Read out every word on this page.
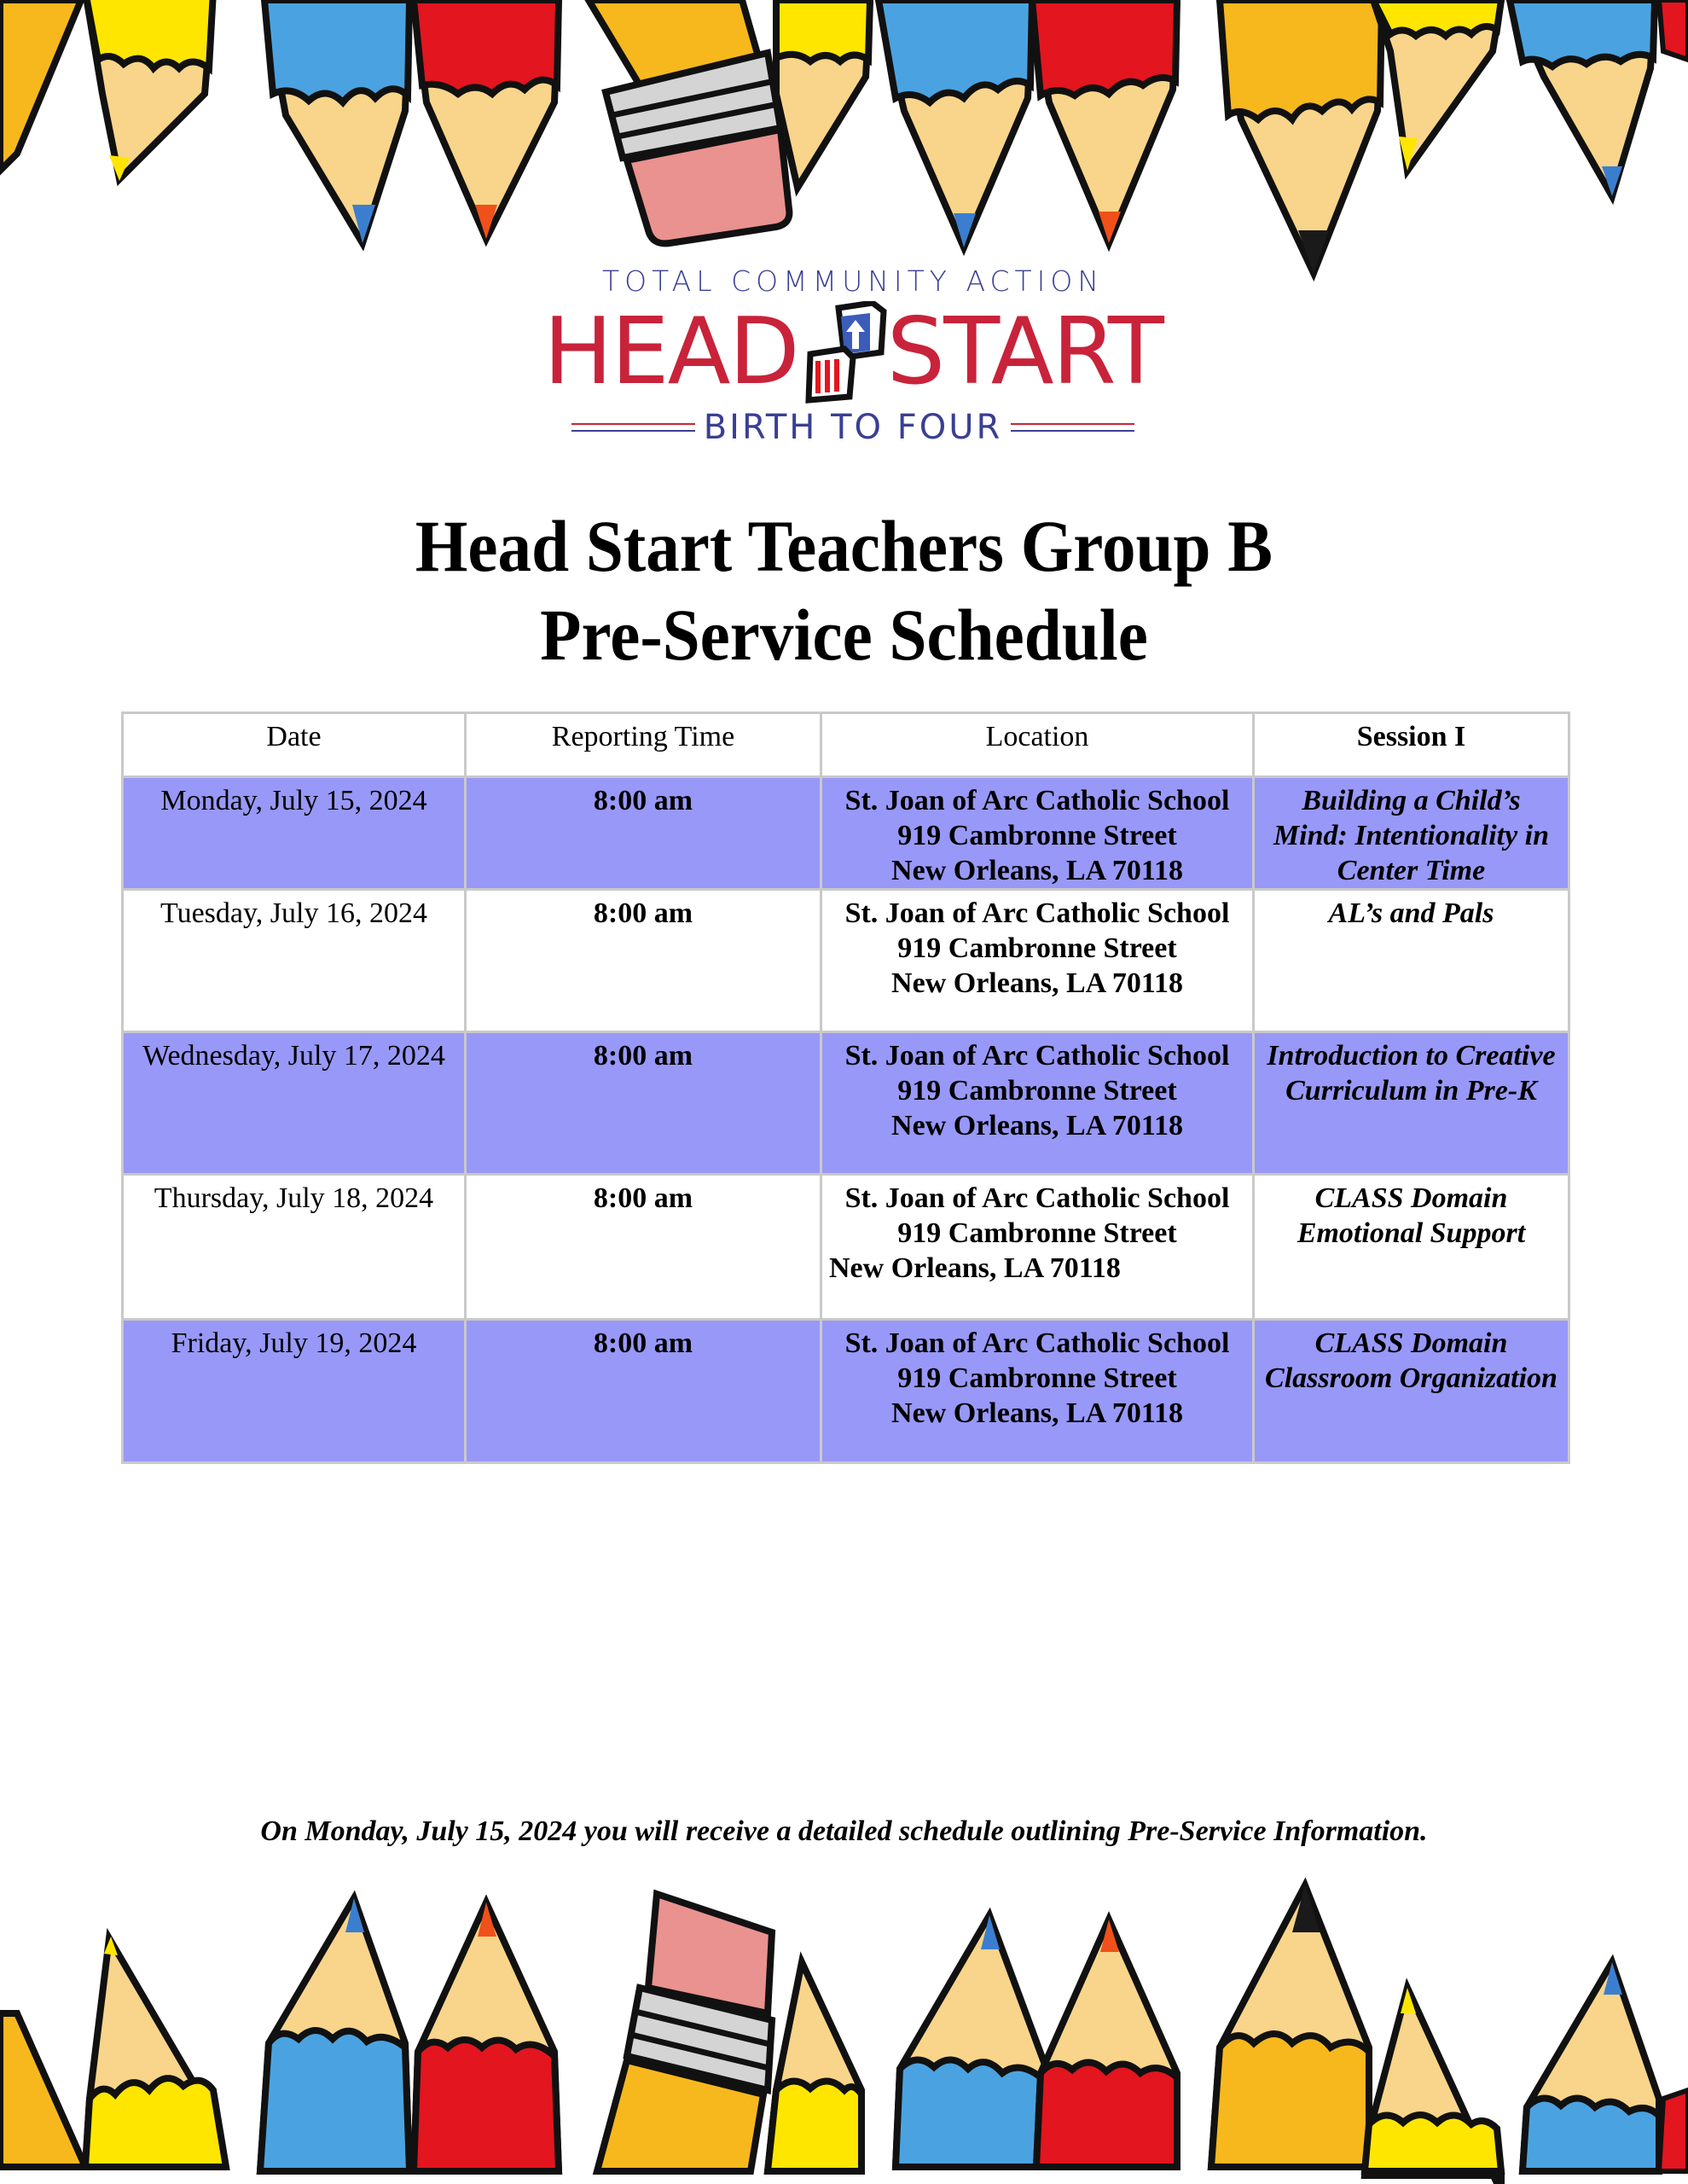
TOTAL COMMUNITY ACTION
HEAD START
BIRTH TO FOUR
Head Start Teachers Group B
Pre-Service Schedule
Date	Reporting Time	Location	Session I
Monday, July 15, 2024	8:00 am	St. Joan of Arc Catholic School
919 Cambronne Street
New Orleans, LA 70118	Building a Child’s Mind: Intentionality in Center Time
Tuesday, July 16, 2024	8:00 am	St. Joan of Arc Catholic School
919 Cambronne Street
New Orleans, LA 70118	AL’s and Pals
Wednesday, July 17, 2024	8:00 am	St. Joan of Arc Catholic School
919 Cambronne Street
New Orleans, LA 70118	Introduction to Creative Curriculum in Pre-K
Thursday, July 18, 2024	8:00 am	St. Joan of Arc Catholic School
919 Cambronne Street
New Orleans, LA 70118	CLASS Domain Emotional Support
Friday, July 19, 2024	8:00 am	St. Joan of Arc Catholic School
919 Cambronne Street
New Orleans, LA 70118	CLASS Domain Classroom Organization
On Monday, July 15, 2024 you will receive a detailed schedule outlining Pre-Service Information.
